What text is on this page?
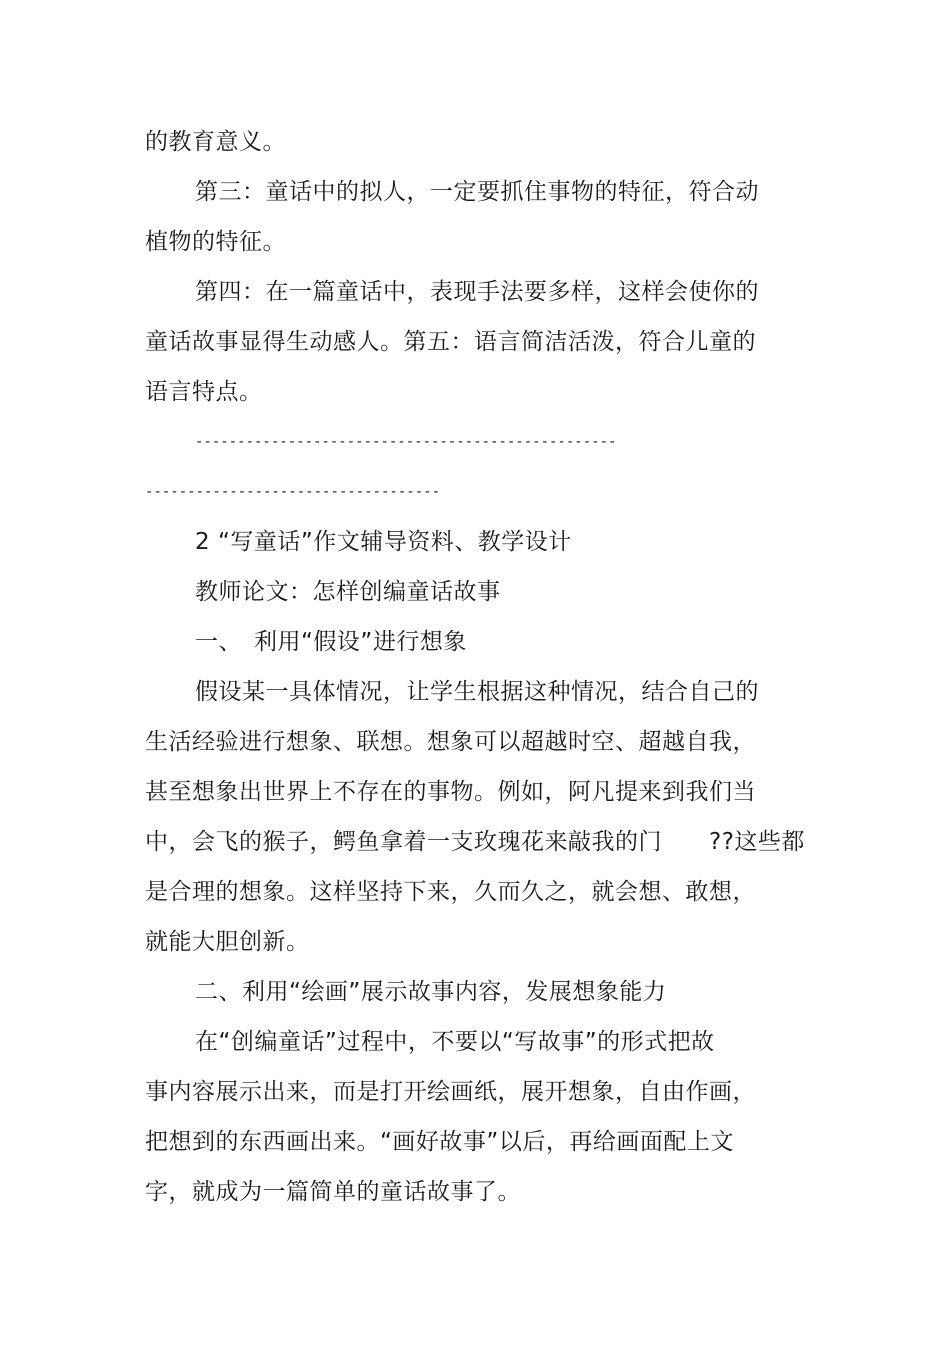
的教育意义。
第三：童话中的拟人，一定要抓住事物的特征，符合动
植物的特征。
第四：在一篇童话中，表现手法要多样，这样会使你的
童话故事显得生动感人。第五：语言简洁活泼，符合儿童的
语言特点。
--------------------------------------------------
-----------------------------------
2 “写童话”作文辅导资料、教学设计
教师论文：怎样创编童话故事
一、　利用“假设”进行想象
假设某一具体情况，让学生根据这种情况，结合自己的
生活经验进行想象、联想。想象可以超越时空、超越自我，
甚至想象出世界上不存在的事物。例如，阿凡提来到我们当
中，会飞的猴子，鳄鱼拿着一支玫瑰花来敲我的门　　??这些都
是合理的想象。这样坚持下来，久而久之，就会想、敢想，
就能大胆创新。
二、利用“绘画”展示故事内容，发展想象能力
在“创编童话”过程中，不要以“写故事”的形式把故
事内容展示出来，而是打开绘画纸，展开想象，自由作画，
把想到的东西画出来。“画好故事”以后，再给画面配上文
字，就成为一篇简单的童话故事了。
